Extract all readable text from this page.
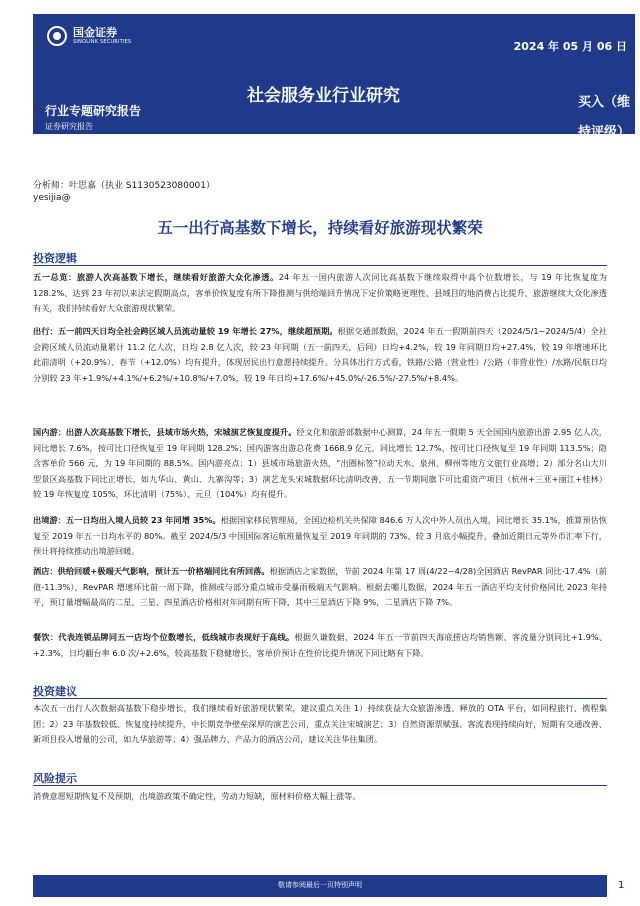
国金证券
SINOLINK SECURITIES	2024 年 05 月 06 日
社会服务业行业研究	买入（维持评级）
行业专题研究报告
证券研究报告
分析师：叶思嘉（执业 S1130523080001）
yesijia@
五一出行高基数下增长，持续看好旅游现状繁荣
投资逻辑

五一总览：旅游人次高基数下增长，继续看好旅游大众化渗透。24 年五一国内旅游人次同比高基数下继续取得中高个位数增长，与 19 年比恢复度为 128.2%、达到 23 年初以来法定假期高点，客单价恢复度有所下降推测与供给端回升情况下定价策略更理性、县域目的地消费占比提升、旅游继续大众化渗透有关，我们持续看好大众旅游现状繁荣。

出行：五一前四天日均全社会跨区域人员流动量较 19 年增长 27%，继续超预期。根据交通部数据，2024 年五一假期前四天（2024/5/1~2024/5/4）全社会跨区域人员流动量累计 11.2 亿人次，日均 2.8 亿人次，较 23 年同期（五一前四天，后同）日均+4.2%，较 19 年同期日均+27.4%，较 19 年增速环比此前清明（+20.9%）、春节（+12.0%）均有提升，体现居民出行意愿持续提升。分具体出行方式看，铁路/公路（营业性）/公路（非营业性）/水路/民航日均分别较 23 年+1.9%/+4.1%/+6.2%/+10.8%/+7.0%，较 19 年日均+17.6%/+45.0%/-26.5%/-27.5%/+8.4%。

国内游：出游人次高基数下增长，县域市场火热，宋城演艺恢复度提升。经文化和旅游部数据中心测算，24 年五一假期 5 天全国国内旅游出游 2.95 亿人次，同比增长 7.6%，按可比口径恢复至 19 年同期 128.2%；国内游客出游总花费 1668.9 亿元，同比增长 12.7%，按可比口径恢复至 19 年同期 113.5%；隐含客单价 566 元，为 19 年同期的 88.5%。国内游亮点：1）县域市场旅游火热，“出圈标签”拉动天水、泉州、柳州等地方文旅行业高增；2）部分名山大川型景区高基数下同比正增长，如九华山、黄山、九寨沟等；3）演艺龙头宋城数据环比清明改善，五一节期间旗下可比重资产项目（杭州+三亚+丽江+桂林）较 19 年恢复度 105%，环比清明（75%）、元旦（104%）均有提升。

出境游：五一日均出入境人员较 23 年同增 35%。根据国家移民管理局，全国边检机关共保障 846.6 万人次中外人员出入境，同比增长 35.1%，推算预估恢复至 2019 年五一日均水平的 80%。截至 2024/5/3 中国国际客运航班量恢复至 2019 年同期的 73%、较 3 月底小幅提升，叠加近期日元等外币汇率下行，预计将持续推动出境游回暖。

酒店：供给回暖+极端天气影响，预计五一价格端同比有所回落。根据酒店之家数据，节前 2024 年第 17 周(4/22~4/28)全国酒店 RevPAR 同比-17.4%（前值-11.3%），RevPAR 增速环比前一周下降，推测或与部分重点城市受暴雨极端天气影响。根据去哪儿数据，2024 年五一酒店平均支付价格同比 2023 年持平，预订量增幅最高的二星、三星、四星酒店价格相对年同期有所下降，其中三星酒店下降 9%，二星酒店下降 7%。

餐饮：代表连锁品牌同五一店均个位数增长，低线城市表现好于高线。根据久谦数据，2024 年五一节前四天海底捞店均销售额、客流量分别同比+1.9%、+2.3%，日均翻台率 6.0 次/+2.6%，较高基数下稳健增长，客单价预计在性价比提升情况下同比略有下降。

投资建议

本次五一出行人次数据高基数下稳步增长，我们继续看好旅游现状繁荣，建议重点关注 1）持续获益大众旅游渗透、释放的 OTA 平台，如同程旅行、携程集团；2）23 年基数较低、恢复度持续提升，中长期竞争壁垒深厚的演艺公司，重点关注宋城演艺；3）自然资源票赋强、客流表现持续向好，短期有交通改善、新项目投入增量的公司，如九华旅游等；4）强品牌力、产品力的酒店公司，建议关注华住集团。

风险提示

消费意愿短期恢复不及预期，出境游政策不确定性，劳动力短缺，原材料价格大幅上涨等。

敬请参阅最后一页特别声明	1
